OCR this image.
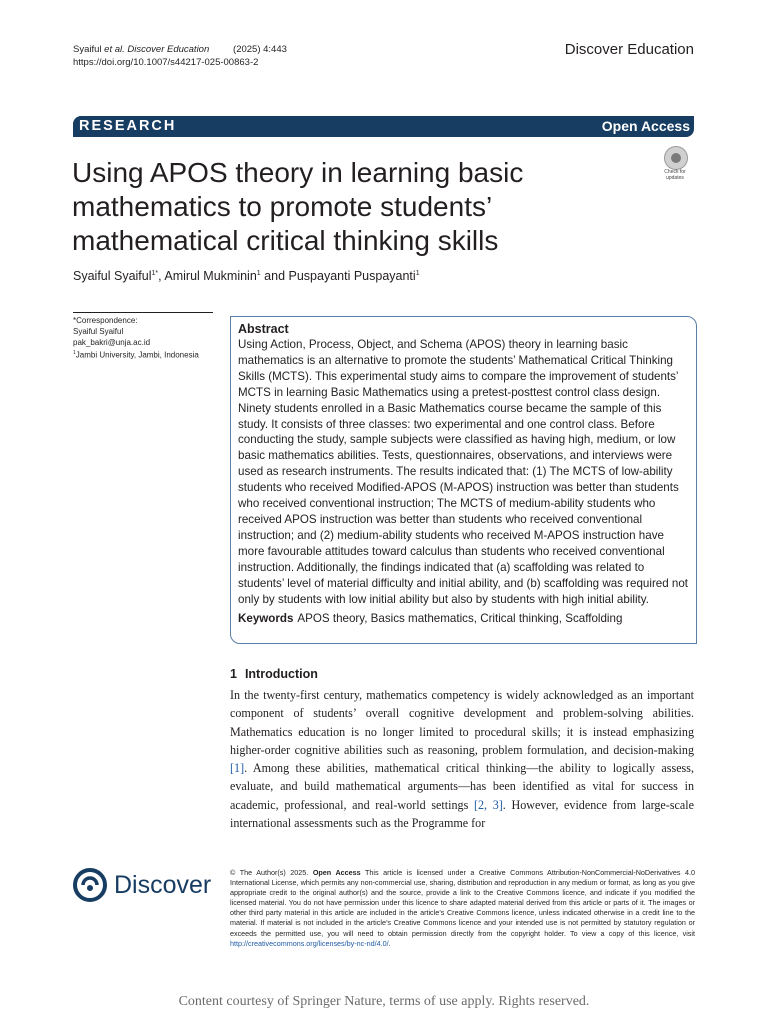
Syaiful et al. Discover Education	(2025) 4:443
https://doi.org/10.1007/s44217-025-00863-2
Discover Education
RESEARCH	Open Access
Using APOS theory in learning basic mathematics to promote students’ mathematical critical thinking skills
Check for updates
Syaiful Syaiful$^{1*}$, Amirul Mukminin$^1$ and Puspayanti Puspayanti$^1$
*Correspondence:
Syaiful Syaiful
pak_bakri@unja.ac.id
$^1$Jambi University, Jambi, Indonesia
Abstract

Using Action, Process, Object, and Schema (APOS) theory in learning basic mathematics is an alternative to promote the students’ Mathematical Critical Thinking Skills (MCTS). This experimental study aims to compare the improvement of students’ MCTS in learning Basic Mathematics using a pretest-posttest control class design. Ninety students enrolled in a Basic Mathematics course became the sample of this study. It consists of three classes: two experimental and one control class. Before conducting the study, sample subjects were classified as having high, medium, or low basic mathematics abilities. Tests, questionnaires, observations, and interviews were used as research instruments. The results indicated that: (1) The MCTS of low-ability students who received Modified-APOS (M-APOS) instruction was better than students who received conventional instruction; The MCTS of medium-ability students who received APOS instruction was better than students who received conventional instruction; and (2) medium-ability students who received M-APOS instruction have more favourable attitudes toward calculus than students who received conventional instruction. Additionally, the findings indicated that (a) scaffolding was related to students’ level of material difficulty and initial ability, and (b) scaffolding was required not only by students with low initial ability but also by students with high initial ability.

Keywords APOS theory, Basics mathematics, Critical thinking, Scaffolding
1 Introduction
In the twenty-first century, mathematics competency is widely acknowledged as an important component of students’ overall cognitive development and problem-solving abilities. Mathematics education is no longer limited to procedural skills; it is instead emphasizing higher-order cognitive abilities such as reasoning, problem formulation, and decision-making [1]. Among these abilities, mathematical critical thinking—the ability to logically assess, evaluate, and build mathematical arguments—has been identified as vital for success in academic, professional, and real-world settings [2, 3]. However, evidence from large-scale international assessments such as the Programme for
Discover	© The Author(s) 2025. Open Access This article is licensed under a Creative Commons Attribution-NonCommercial-NoDerivatives 4.0 International License, which permits any non-commercial use, sharing, distribution and reproduction in any medium or format, as long as you give appropriate credit to the original author(s) and the source, provide a link to the Creative Commons licence, and indicate if you modified the licensed material. You do not have permission under this licence to share adapted material derived from this article or parts of it. The images or other third party material in this article are included in the article’s Creative Commons licence, unless indicated otherwise in a credit line to the material. If material is not included in the article’s Creative Commons licence and your intended use is not permitted by statutory regulation or exceeds the permitted use, you will need to obtain permission directly from the copyright holder. To view a copy of this licence, visit http://creativecommons.org/licenses/by-nc-nd/4.0/.
Content courtesy of Springer Nature, terms of use apply. Rights reserved.
